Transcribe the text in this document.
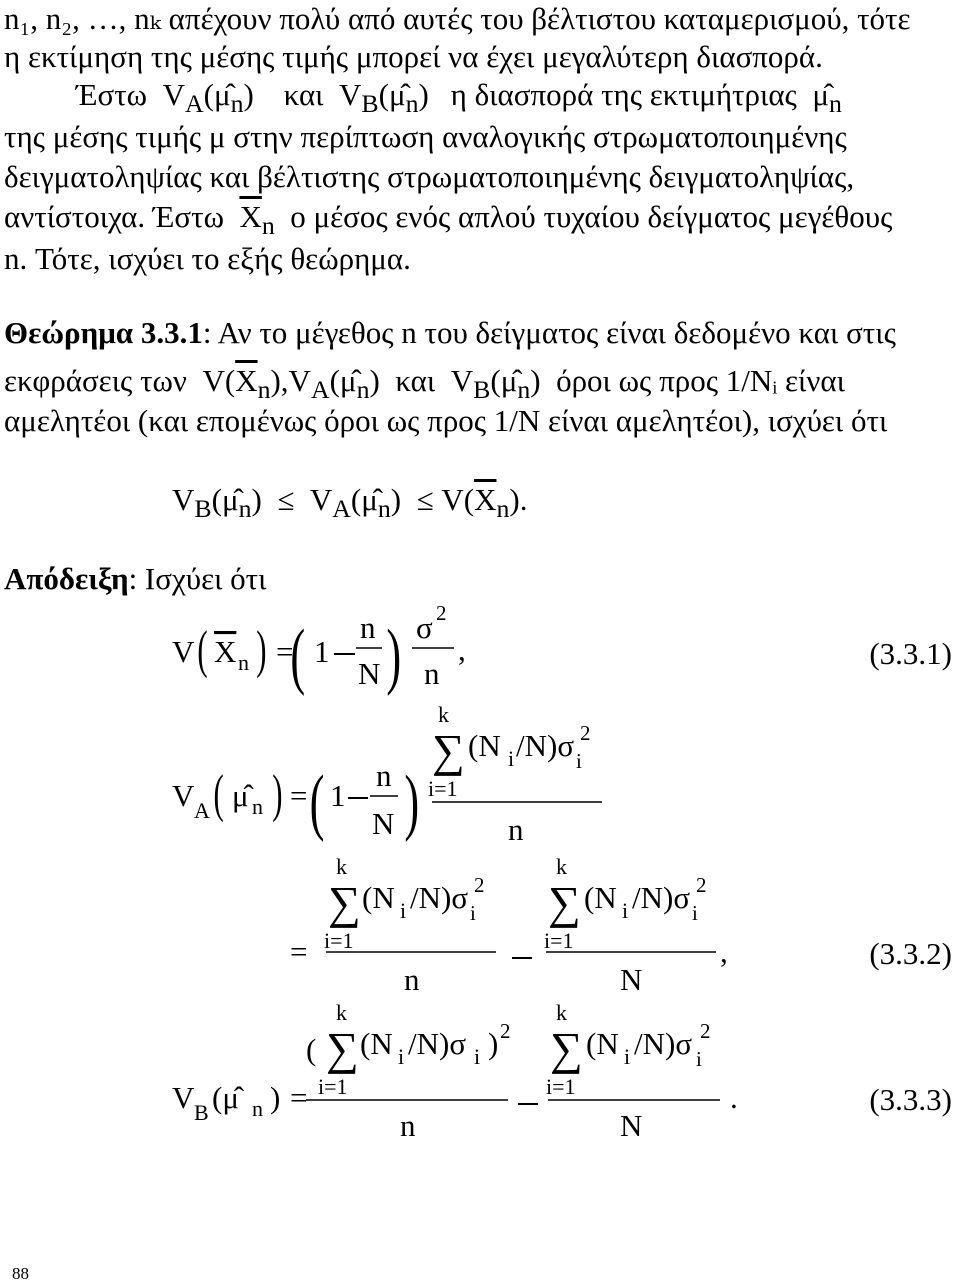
n₁, n₂, …, nₖ απέχουν πολύ από αυτές του βέλτιστου καταμερισμού, τότε
η εκτίμηση της μέσης τιμής μπορεί να έχει μεγαλύτερη διασπορά.
Έστω  $V_A(\mû_n)$ και  $V_B(\mû_n)$ η διασπορά της εκτιμήτριας  $\mû_n$
της μέσης τιμής μ στην περίπτωση αναλογικής στρωματοποιημένης
δειγματοληψίας και βέλτιστης στρωματοποιημένης δειγματοληψίας,
αντίστοιχα. Έστω $\overline{X}_n$ ο μέσος ενός απλού τυχαίου δείγματος μεγέθους
n. Τότε, ισχύει το εξής θεώρημα.
Θεώρημα 3.3.1: Αν το μέγεθος n του δείγματος είναι δεδομένο και στις
εκφράσεις των  $V(\overline{X}_n),V_A(\mû_n)$  και  $V_B(\mû_n)$  όροι ως προς 1/Nᵢ είναι
αμελητέοι (και επομένως όροι ως προς 1/N είναι αμελητέοι), ισχύει ότι
$V_B(\mû_n)$  ≤  $V_A(\mû_n) \le V(\overline{X}_n)$.
Απόδειξη: Ισχύει ότι
V ( X n ) =
( 1
n
N ) σ 2
n
,
V A ( μ̂ n ) = ( 1
n
N )
k
∑ (N i /N)σ 2
i
i=1
n
=
k
∑ (N i /N)σ 2
i
i=1
n
k
∑ (N i /N)σ 2
i
i=1
N
,
V B (μ̂ n ) =
k
( ∑ (N i /N)σ i ) 2
i=1
n
k
∑ (N i /N)σ 2
i
i=1
N
.
(3.3.1)
(3.3.2)
(3.3.3)
88
